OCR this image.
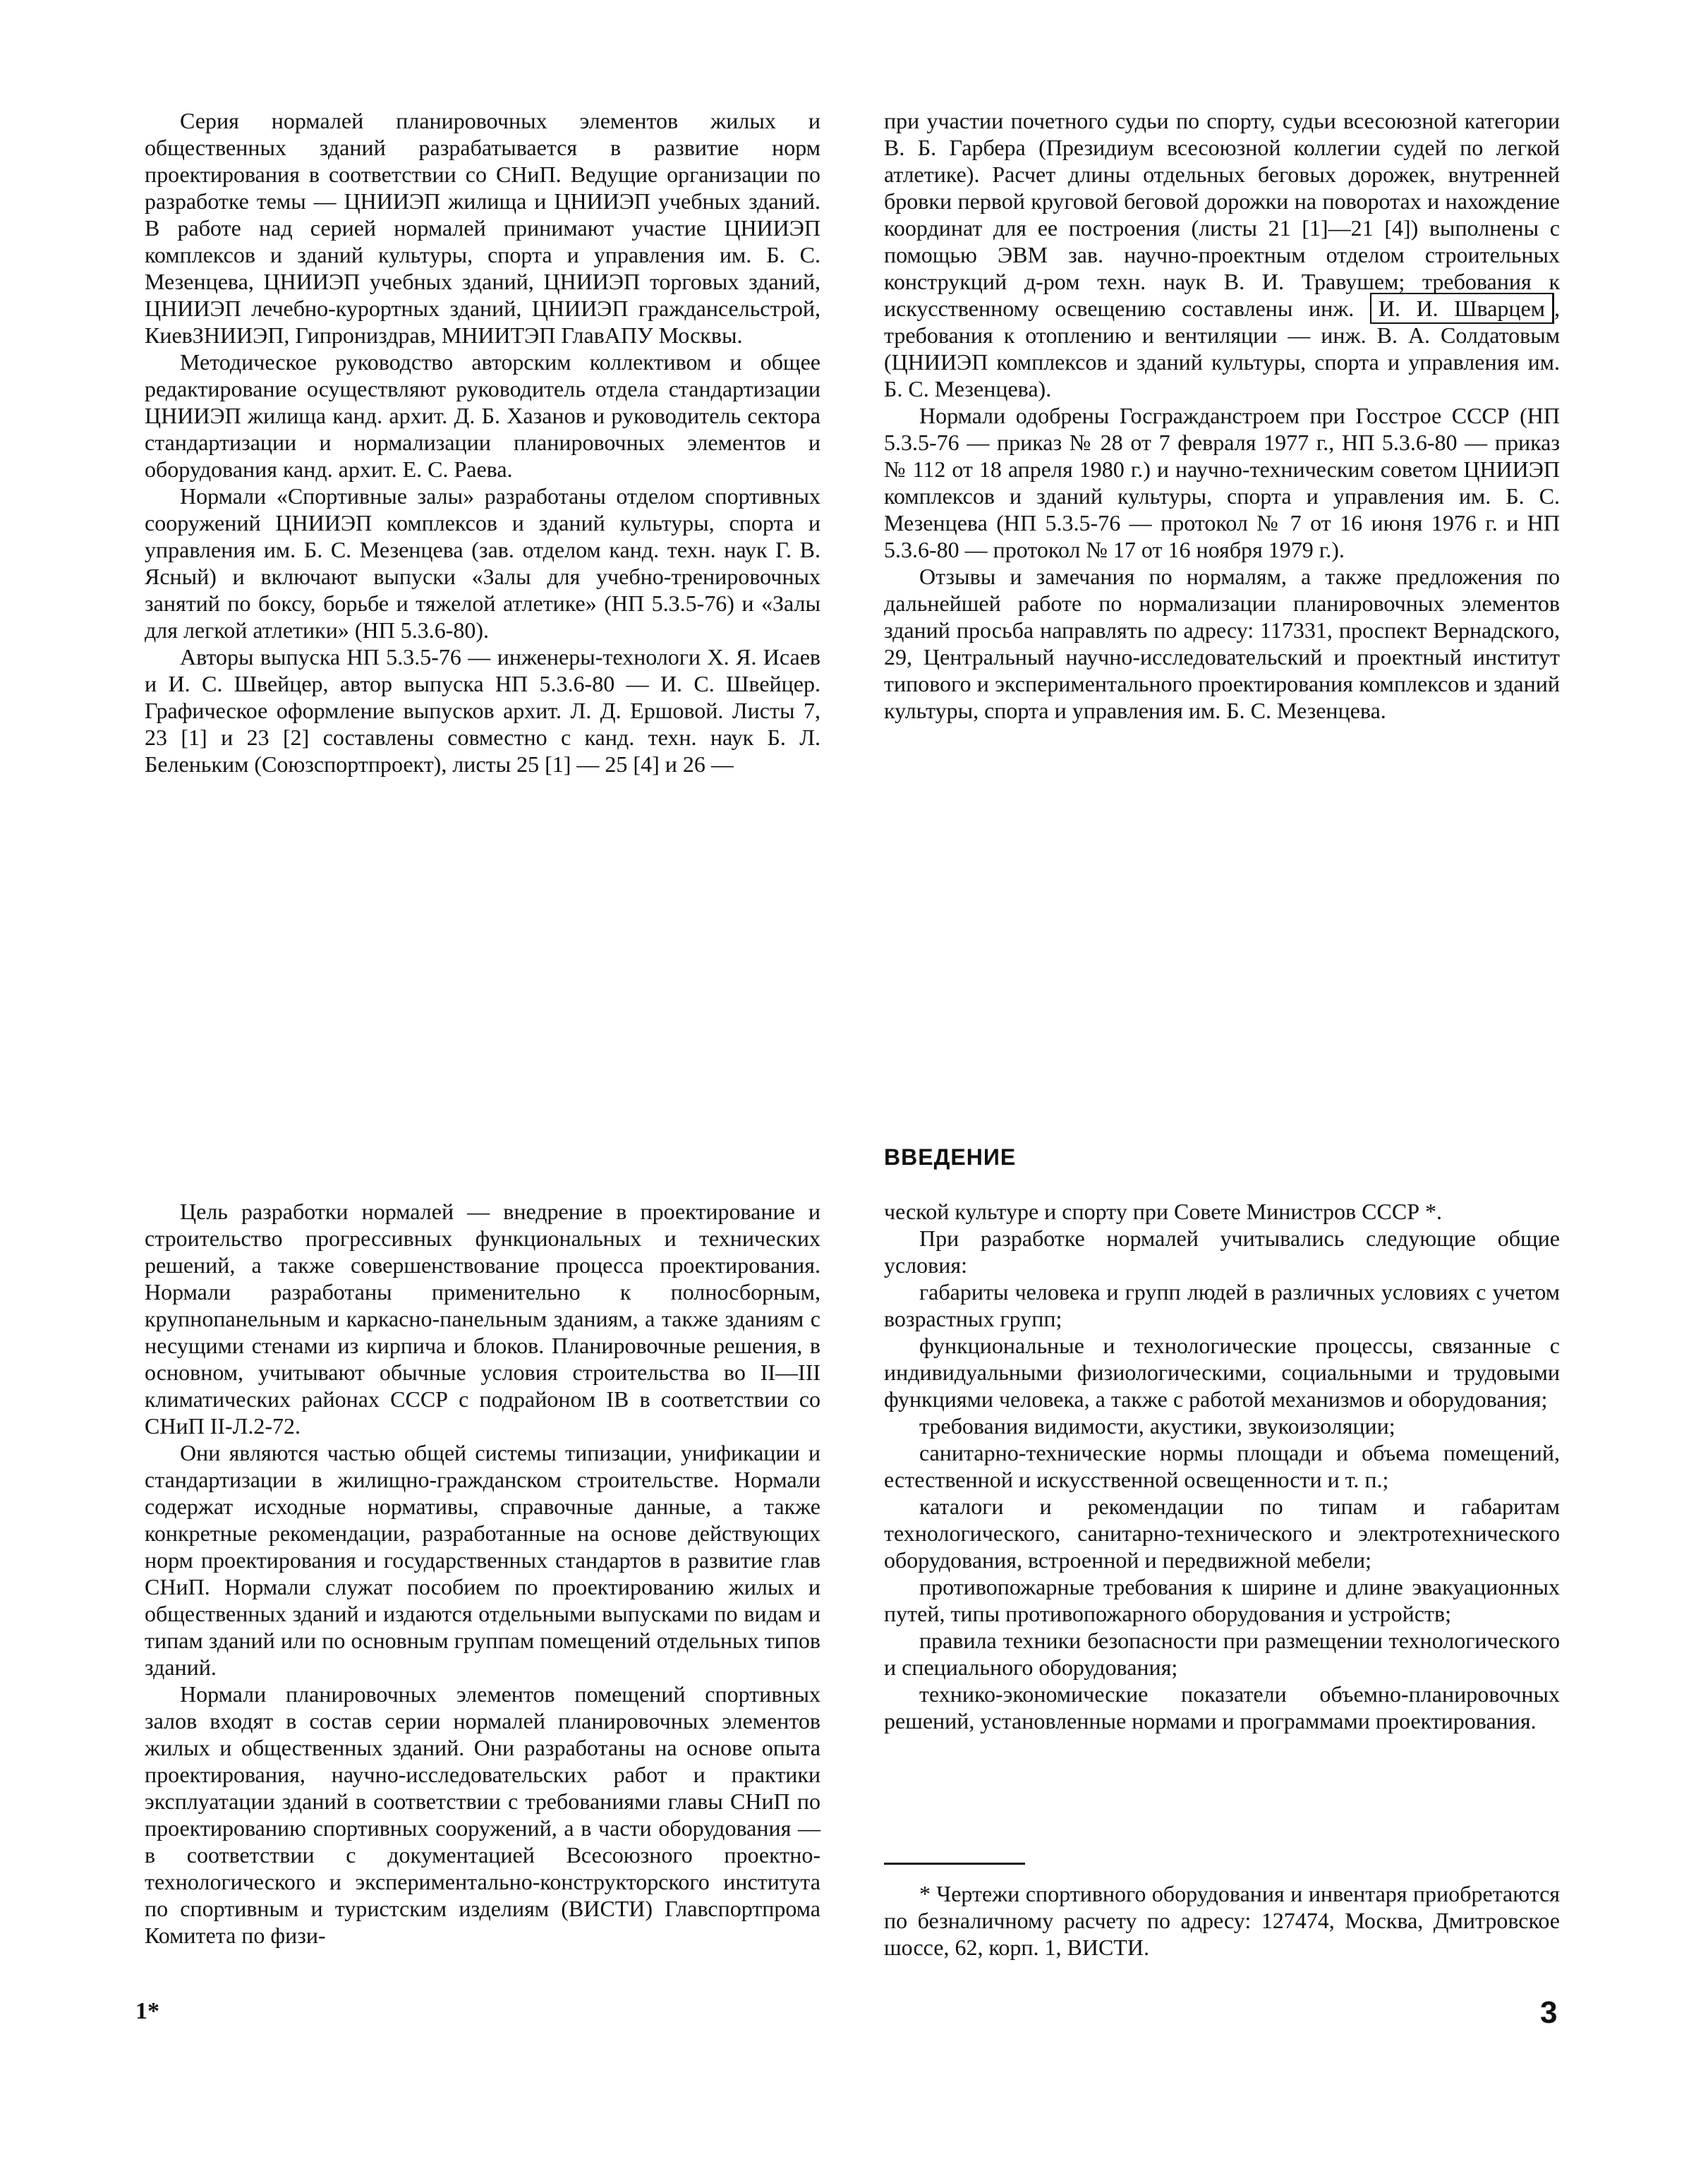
Серия нормалей планировочных элементов жилых и общественных зданий разрабатывается в развитие норм проектирования в соответствии со СНиП. Ведущие организации по разработке темы — ЦНИИЭП жилища и ЦНИИЭП учебных зданий. В работе над серией нормалей принимают участие ЦНИИЭП комплексов и зданий культуры, спорта и управления им. Б. С. Мезенцева, ЦНИИЭП учебных зданий, ЦНИИЭП торговых зданий, ЦНИИЭП лечебно-курортных зданий, ЦНИИЭП граждансельстрой, КиевЗНИИЭП, Гипрониздрав, МНИИТЭП ГлавАПУ Москвы.

Методическое руководство авторским коллективом и общее редактирование осуществляют руководитель отдела стандартизации ЦНИИЭП жилища канд. архит. Д. Б. Хазанов и руководитель сектора стандартизации и нормализации планировочных элементов и оборудования канд. архит. Е. С. Раева.

Нормали «Спортивные залы» разработаны отделом спортивных сооружений ЦНИИЭП комплексов и зданий культуры, спорта и управления им. Б. С. Мезенцева (зав. отделом канд. техн. наук Г. В. Ясный) и включают выпуски «Залы для учебно-тренировочных занятий по боксу, борьбе и тяжелой атлетике» (НП 5.3.5-76) и «Залы для легкой атлетики» (НП 5.3.6-80).

Авторы выпуска НП 5.3.5-76 — инженеры-технологи Х. Я. Исаев и И. С. Швейцер, автор выпуска НП 5.3.6-80 — И. С. Швейцер. Графическое оформление выпусков архит. Л. Д. Ершовой. Листы 7, 23 [1] и 23 [2] составлены совместно с канд. техн. наук Б. Л. Беленьким (Союзспортпроект), листы 25 [1] — 25 [4] и 26 —

при участии почетного судьи по спорту, судьи всесоюзной категории В. Б. Гарбера (Президиум всесоюзной коллегии судей по легкой атлетике). Расчет длины отдельных беговых дорожек, внутренней бровки первой круговой беговой дорожки на поворотах и нахождение координат для ее построения (листы 21 [1]—21 [4]) выполнены с помощью ЭВМ зав. научно-проектным отделом строительных конструкций д-ром техн. наук В. И. Травушем; требования к искусственному освещению составлены инж. И. И. Шварцем , требования к отоплению и вентиляции — инж. В. А. Солдатовым (ЦНИИЭП комплексов и зданий культуры, спорта и управления им. Б. С. Мезенцева).

Нормали одобрены Госгражданстроем при Госстрое СССР (НП 5.3.5-76 — приказ № 28 от 7 февраля 1977 г., НП 5.3.6-80 — приказ № 112 от 18 апреля 1980 г.) и научно-техническим советом ЦНИИЭП комплексов и зданий культуры, спорта и управления им. Б. С. Мезенцева (НП 5.3.5-76 — протокол № 7 от 16 июня 1976 г. и НП 5.3.6-80 — протокол № 17 от 16 ноября 1979 г.).

Отзывы и замечания по нормалям, а также предложения по дальнейшей работе по нормализации планировочных элементов зданий просьба направлять по адресу: 117331, проспект Вернадского, 29, Центральный научно-исследовательский и проектный институт типового и экспериментального проектирования комплексов и зданий культуры, спорта и управления им. Б. С. Мезенцева.

ВВЕДЕНИЕ

Цель разработки нормалей — внедрение в проектирование и строительство прогрессивных функциональных и технических решений, а также совершенствование процесса проектирования. Нормали разработаны применительно к полносборным, крупнопанельным и каркасно-панельным зданиям, а также зданиям с несущими стенами из кирпича и блоков. Планировочные решения, в основном, учитывают обычные условия строительства во II—III климатических районах СССР с подрайоном IB в соответствии со СНиП II-Л.2-72.

Они являются частью общей системы типизации, унификации и стандартизации в жилищно-гражданском строительстве. Нормали содержат исходные нормативы, справочные данные, а также конкретные рекомендации, разработанные на основе действующих норм проектирования и государственных стандартов в развитие глав СНиП. Нормали служат пособием по проектированию жилых и общественных зданий и издаются отдельными выпусками по видам и типам зданий или по основным группам помещений отдельных типов зданий.

Нормали планировочных элементов помещений спортивных залов входят в состав серии нормалей планировочных элементов жилых и общественных зданий. Они разработаны на основе опыта проектирования, научно-исследовательских работ и практики эксплуатации зданий в соответствии с требованиями главы СНиП по проектированию спортивных сооружений, а в части оборудования — в соответствии с документацией Всесоюзного проектно-технологического и экспериментально-конструкторского института по спортивным и туристским изделиям (ВИСТИ) Главспортпрома Комитета по физи-

ческой культуре и спорту при Совете Министров СССР *.

При разработке нормалей учитывались следующие общие условия:

габариты человека и групп людей в различных условиях с учетом возрастных групп;

функциональные и технологические процессы, связанные с индивидуальными физиологическими, социальными и трудовыми функциями человека, а также с работой механизмов и оборудования;

требования видимости, акустики, звукоизоляции;

санитарно-технические нормы площади и объема помещений, естественной и искусственной освещенности и т. п.;

каталоги и рекомендации по типам и габаритам технологического, санитарно-технического и электротехнического оборудования, встроенной и передвижной мебели;

противопожарные требования к ширине и длине эвакуационных путей, типы противопожарного оборудования и устройств;

правила техники безопасности при размещении технологического и специального оборудования;

технико-экономические показатели объемно-планировочных решений, установленные нормами и программами проектирования.

* Чертежи спортивного оборудования и инвентаря приобретаются по безналичному расчету по адресу: 127474, Москва, Дмитровское шоссе, 62, корп. 1, ВИСТИ.

1*	3
